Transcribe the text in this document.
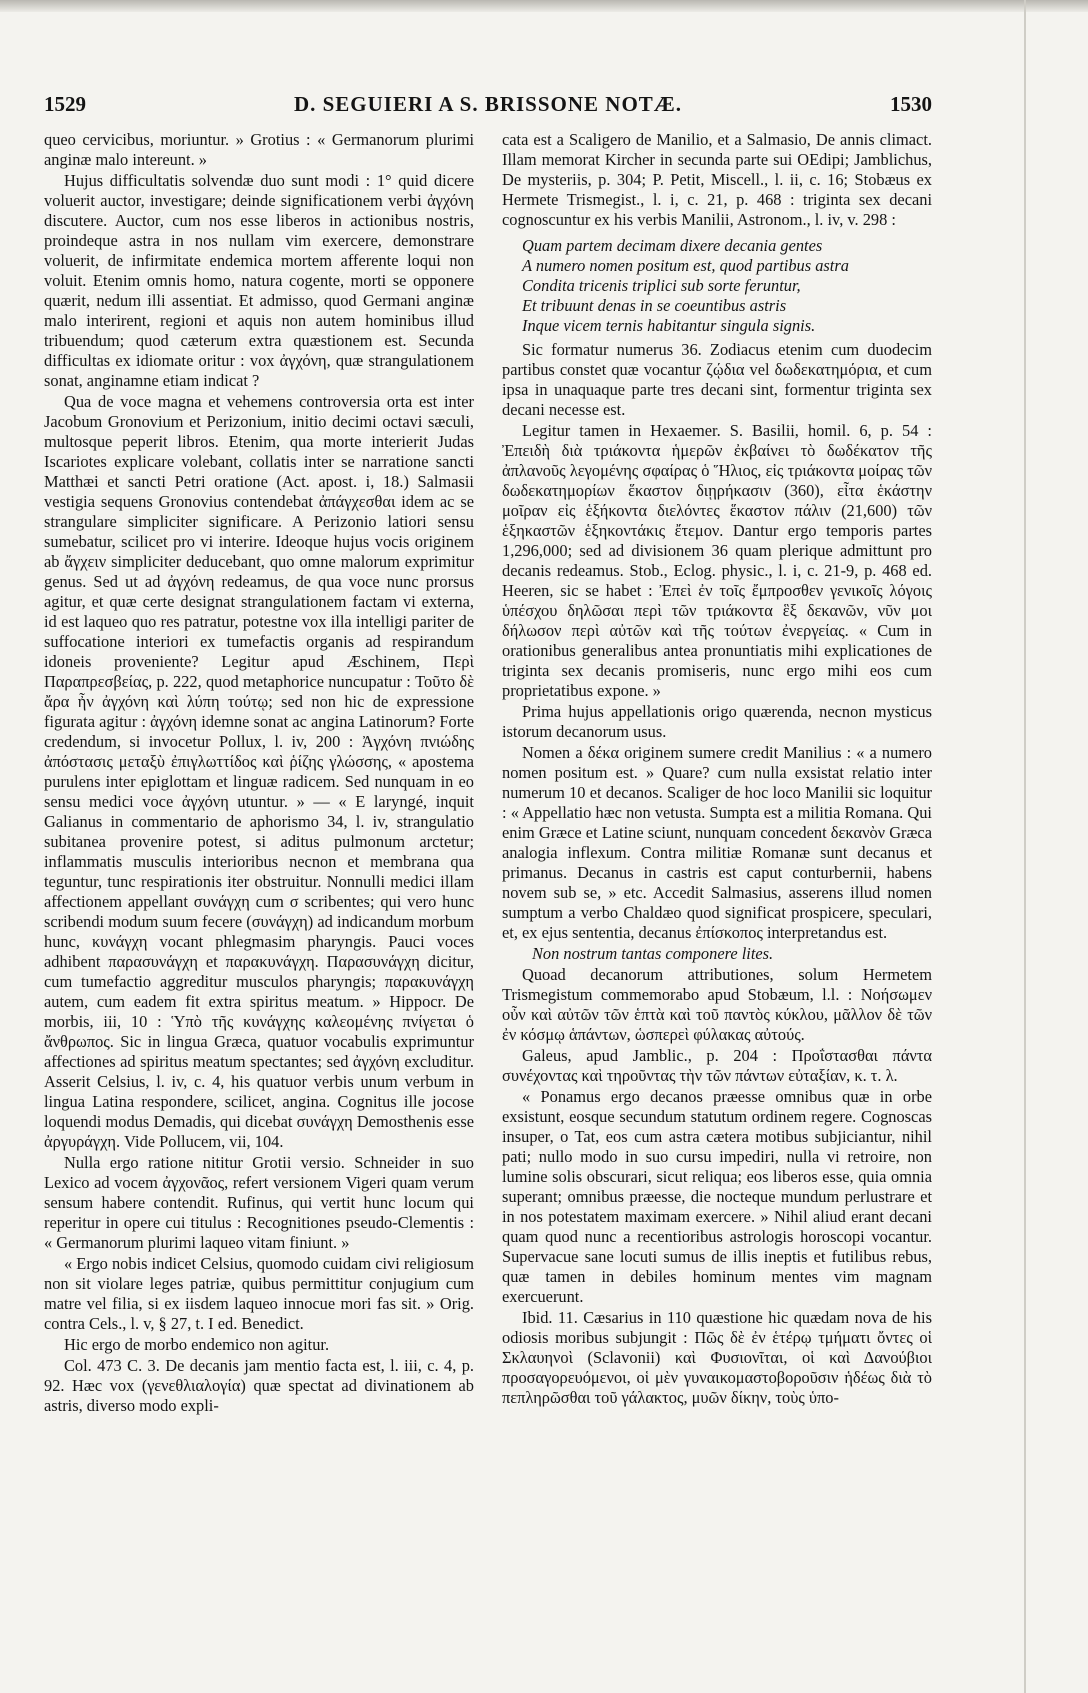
1529	D. SEGUIERI A S. BRISSONE NOTÆ.	1530

queo cervicibus, moriuntur. » Grotius : « Germanorum plurimi anginæ malo intereunt. »

Hujus difficultatis solvendæ duo sunt modi : 1° quid dicere voluerit auctor, investigare; deinde significationem verbi ἀγχόνη discutere. Auctor, cum nos esse liberos in actionibus nostris, proindeque astra in nos nullam vim exercere, demonstrare voluerit, de infirmitate endemica mortem afferente loqui non voluit. Etenim omnis homo, natura cogente, morti se opponere quærit, nedum illi assentiat. Et admisso, quod Germani anginæ malo interirent, regioni et aquis non autem hominibus illud tribuendum; quod cæterum extra quæstionem est. Secunda difficultas ex idiomate oritur : vox ἀγχόνη, quæ strangulationem sonat, anginamne etiam indicat ?

Qua de voce magna et vehemens controversia orta est inter Jacobum Gronovium et Perizonium, initio decimi octavi sæculi, multosque peperit libros. Etenim, qua morte interierit Judas Iscariotes explicare volebant, collatis inter se narratione sancti Matthæi et sancti Petri oratione (Act. apost. i, 18.) Salmasii vestigia sequens Gronovius contendebat ἀπάγχεσθαι idem ac se strangulare simpliciter significare. A Perizonio latiori sensu sumebatur, scilicet pro vi interire. Ideoque hujus vocis originem ab ἄγχειν simpliciter deducebant, quo omne malorum exprimitur genus. Sed ut ad ἀγχόνη redeamus, de qua voce nunc prorsus agitur, et quæ certe designat strangulationem factam vi externa, id est laqueo quo res patratur, potestne vox illa intelligi pariter de suffocatione interiori ex tumefactis organis ad respirandum idoneis proveniente? Legitur apud Æschinem, Περὶ Παραπρεσβείας, p. 222, quod metaphorice nuncupatur : Τοῦτο δὲ ἄρα ἦν ἀγχόνη καὶ λύπη τούτῳ; sed non hic de expressione figurata agitur : ἀγχόνη idemne sonat ac angina Latinorum? Forte credendum, si invocetur Pollux, l. iv, 200 : Ἀγχόνη πνιώδης ἀπόστασις μεταξὺ ἐπιγλωττίδος καὶ ῥίζης γλώσσης, « apostema purulens inter epiglottam et linguæ radicem. Sed nunquam in eo sensu medici voce ἀγχόνη utuntur. » — « E laryngé, inquit Galianus in commentario de aphorismo 34, l. iv, strangulatio subitanea provenire potest, si aditus pulmonum arctetur; inflammatis musculis interioribus necnon et membrana qua teguntur, tunc respirationis iter obstruitur. Nonnulli medici illam affectionem appellant συνάγχη cum σ scribentes; qui vero hunc scribendi modum suum fecere (συνάγχη) ad indicandum morbum hunc, κυνάγχη vocant phlegmasim pharyngis. Pauci voces adhibent παρασυνάγχη et παρακυνάγχη. Παρασυνάγχη dicitur, cum tumefactio aggreditur musculos pharyngis; παρακυνάγχη autem, cum eadem fit extra spiritus meatum. » Hippocr. De morbis, iii, 10 : Ὑπὸ τῆς κυνάγχης καλεομένης πνίγεται ὁ ἄνθρωπος. Sic in lingua Græca, quatuor vocabulis exprimuntur affectiones ad spiritus meatum spectantes; sed ἀγχόνη excluditur. Asserit Celsius, l. iv, c. 4, his quatuor verbis unum verbum in lingua Latina respondere, scilicet, angina. Cognitus ille jocose loquendi modus Demadis, qui dicebat συνάγχη Demosthenis esse ἀργυράγχη. Vide Pollucem, vii, 104.

Nulla ergo ratione nititur Grotii versio. Schneider in suo Lexico ad vocem ἀγχονᾶος, refert versionem Vigeri quam verum sensum habere contendit. Rufinus, qui vertit hunc locum qui reperitur in opere cui titulus : Recognitiones pseudo-Clementis : « Germanorum plurimi laqueo vitam finiunt. »

« Ergo nobis indicet Celsius, quomodo cuidam civi religiosum non sit violare leges patriæ, quibus permittitur conjugium cum matre vel filia, si ex iisdem laqueo innocue mori fas sit. » Orig. contra Cels., l. v, § 27, t. I ed. Benedict.

Hic ergo de morbo endemico non agitur.

Col. 473 C. 3. De decanis jam mentio facta est, l. iii, c. 4, p. 92. Hæc vox (γενεθλιαλογία) quæ spectat ad divinationem ab astris, diverso modo expli-

cata est a Scaligero de Manilio, et a Salmasio, De annis climact. Illam memorat Kircher in secunda parte sui OEdipi; Jamblichus, De mysteriis, p. 304; P. Petit, Miscell., l. ii, c. 16; Stobæus ex Hermete Trismegist., l. i, c. 21, p. 468 : triginta sex decani cognoscuntur ex his verbis Manilii, Astronom., l. iv, v. 298 :

Quam partem decimam dixere decania gentes
A numero nomen positum est, quod partibus astra
Condita tricenis triplici sub sorte feruntur,
Et tribuunt denas in se coeuntibus astris
Inque vicem ternis habitantur singula signis.

Sic formatur numerus 36. Zodiacus etenim cum duodecim partibus constet quæ vocantur ζῴδια vel δωδεκατημόρια, et cum ipsa in unaquaque parte tres decani sint, formentur triginta sex decani necesse est.

Legitur tamen in Hexaemer. S. Basilii, homil. 6, p. 54 : Ἐπειδὴ διὰ τριάκοντα ἡμερῶν ἐκβαίνει τὸ δωδέκατον τῆς ἀπλανοῦς λεγομένης σφαίρας ὁ Ἥλιος, εἰς τριάκοντα μοίρας τῶν δωδεκατημορίων ἕκαστον διῃρήκασιν (360), εἶτα ἑκάστην μοῖραν εἰς ἑξήκοντα διελόντες ἕκαστον πάλιν (21,600) τῶν ἑξηκαστῶν ἑξηκοντάκις ἔτεμον. Dantur ergo temporis partes 1,296,000; sed ad divisionem 36 quam plerique admittunt pro decanis redeamus. Stob., Eclog. physic., l. i, c. 21-9, p. 468 ed. Heeren, sic se habet : Ἐπεὶ ἐν τοῖς ἔμπροσθεν γενικοῖς λόγοις ὑπέσχου δηλῶσαι περὶ τῶν τριάκοντα ἓξ δεκανῶν, νῦν μοι δήλωσον περὶ αὐτῶν καὶ τῆς τούτων ἐνεργείας. « Cum in orationibus generalibus antea pronuntiatis mihi explicationes de triginta sex decanis promiseris, nunc ergo mihi eos cum proprietatibus expone. »

Prima hujus appellationis origo quærenda, necnon mysticus istorum decanorum usus.

Nomen a δέκα originem sumere credit Manilius : « a numero nomen positum est. » Quare? cum nulla exsistat relatio inter numerum 10 et decanos. Scaliger de hoc loco Manilii sic loquitur : « Appellatio hæc non vetusta. Sumpta est a militia Romana. Qui enim Græce et Latine sciunt, nunquam concedent δεκανὸν Græca analogia inflexum. Contra militiæ Romanæ sunt decanus et primanus. Decanus in castris est caput conturbernii, habens novem sub se, » etc. Accedit Salmasius, asserens illud nomen sumptum a verbo Chaldæo quod significat prospicere, speculari, et, ex ejus sententia, decanus ἐπίσκοπος interpretandus est.

Non nostrum tantas componere lites.

Quoad decanorum attributiones, solum Hermetem Trismegistum commemorabo apud Stobæum, l.l. : Νοήσωμεν οὖν καὶ αὐτῶν τῶν ἑπτὰ καὶ τοῦ παντὸς κύκλου, μᾶλλον δὲ τῶν ἐν κόσμῳ ἁπάντων, ὡσπερεὶ φύλακας αὐτούς.

Galeus, apud Jamblic., p. 204 : Προΐστασθαι πάντα συνέχοντας καὶ τηροῦντας τὴν τῶν πάντων εὐταξίαν, κ. τ. λ.

« Ponamus ergo decanos præesse omnibus quæ in orbe exsistunt, eosque secundum statutum ordinem regere. Cognoscas insuper, o Tat, eos cum astra cætera motibus subjiciantur, nihil pati; nullo modo in suo cursu impediri, nulla vi retroire, non lumine solis obscurari, sicut reliqua; eos liberos esse, quia omnia superant; omnibus præesse, die nocteque mundum perlustrare et in nos potestatem maximam exercere. » Nihil aliud erant decani quam quod nunc a recentioribus astrologis horoscopi vocantur. Supervacue sane locuti sumus de illis ineptis et futilibus rebus, quæ tamen in debiles hominum mentes vim magnam exercuerunt.

Ibid. 11. Cæsarius in 110 quæstione hic quædam nova de his odiosis moribus subjungit : Πῶς δὲ ἐν ἑτέρῳ τμήματι ὄντες οἱ Σκλαυηνοὶ (Sclavonii) καὶ Φυσιονῖται, οἱ καὶ Δανούβιοι προσαγορευόμενοι, οἱ μὲν γυναικομαστοβοροῦσιν ἡδέως διὰ τὸ πεπληρῶσθαι τοῦ γάλακτος, μυῶν δίκην, τοὺς ὑπο-
